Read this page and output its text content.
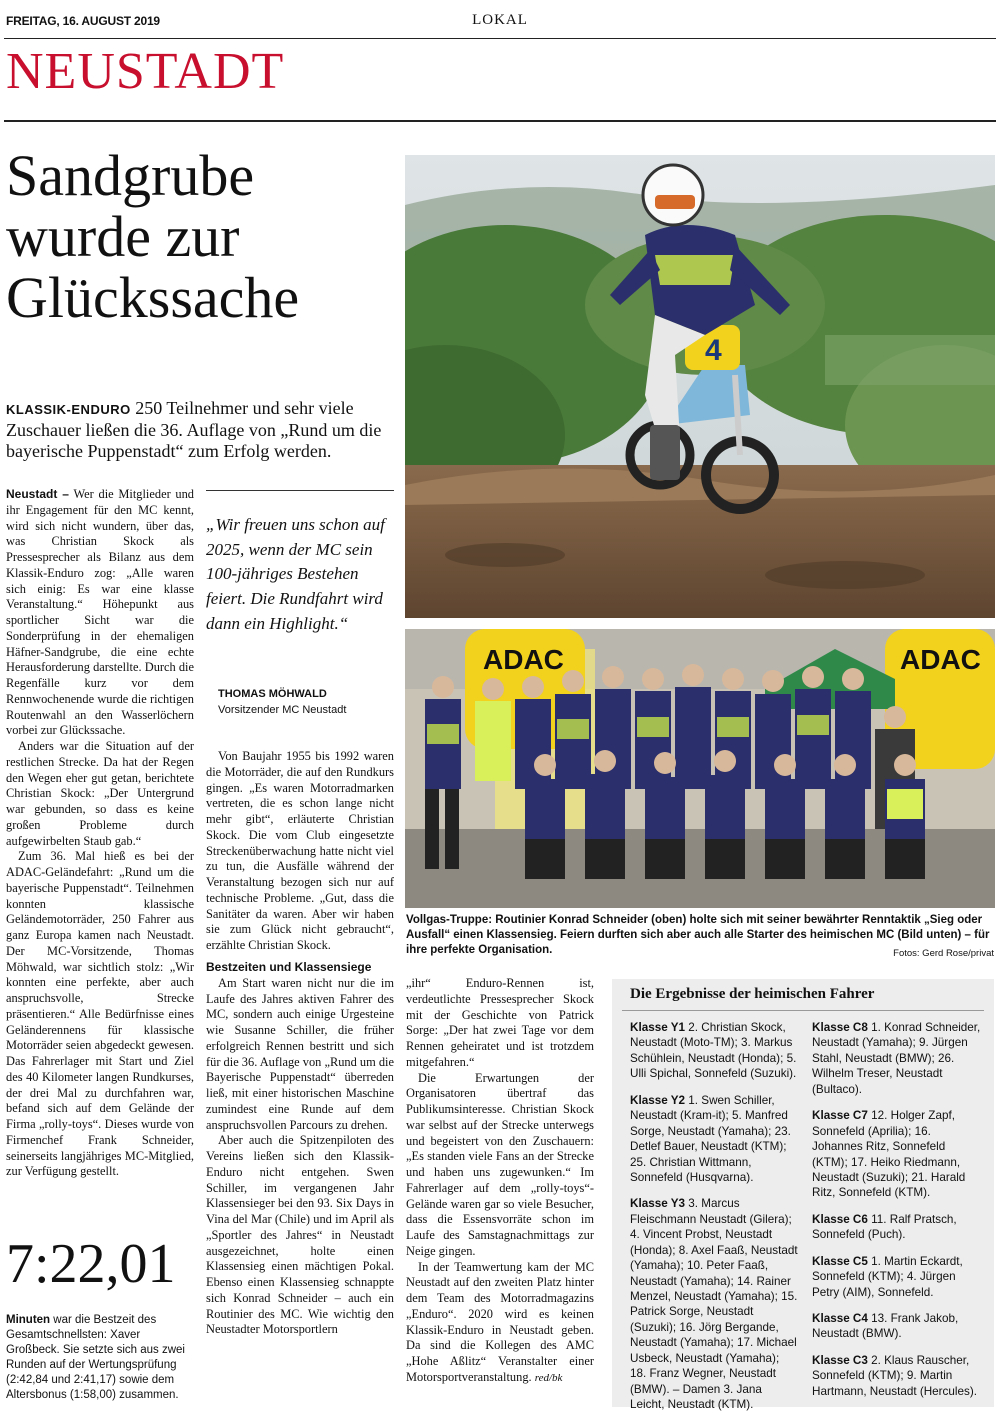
FREITAG, 16. AUGUST 2019	LOKAL
NEUSTADT
Sandgrube wurde zur Glückssache
KLASSIK-ENDURO 250 Teilnehmer und sehr viele Zuschauer ließen die 36. Auflage von „Rund um die bayerische Puppenstadt“ zum Erfolg werden.

Neustadt – Wer die Mitglieder und ihr Engagement für den MC kennt, wird sich nicht wundern, über das, was Christian Skock als Pressesprecher als Bilanz aus dem Klassik-Enduro zog: „Alle waren sich einig: Es war eine klasse Veranstaltung.“ Höhepunkt aus sportlicher Sicht war die Sonderprüfung in der ehemaligen Häfner-Sandgrube, die eine echte Herausforderung darstellte. Durch die Regenfälle kurz vor dem Rennwochenende wurde die richtigen Routenwahl an den Wasserlöchern vorbei zur Glückssache.

Anders war die Situation auf der restlichen Strecke. Da hat der Regen den Wegen eher gut getan, berichtete Christian Skock: „Der Untergrund war gebunden, so dass es keine großen Probleme durch aufgewirbelten Staub gab.“

Zum 36. Mal hieß es bei der ADAC-Geländefahrt: „Rund um die bayerische Puppenstadt“. Teilnehmen konnten klassische Geländemotorräder, 250 Fahrer aus ganz Europa kamen nach Neustadt. Der MC-Vorsitzende, Thomas Möhwald, war sichtlich stolz: „Wir konnten eine perfekte, aber auch anspruchsvolle, Strecke präsentieren.“ Alle Bedürfnisse eines Geländerennens für klassische Motorräder seien abgedeckt gewesen. Das Fahrerlager mit Start und Ziel des 40 Kilometer langen Rundkurses, der drei Mal zu durchfahren war, befand sich auf dem Gelände der Firma „rolly-toys“. Dieses wurde von Firmenchef Frank Schneider, seinerseits langjähriges MC-Mitglied, zur Verfügung gestellt.

„Wir freuen uns schon auf 2025, wenn der MC sein 100-jähriges Bestehen feiert. Die Rundfahrt wird dann ein Highlight.“
THOMAS MÖHWALD
Vorsitzender MC Neustadt

Von Baujahr 1955 bis 1992 waren die Motorräder, die auf den Rundkurs gingen. „Es waren Motorradmarken vertreten, die es schon lange nicht mehr gibt“, erläuterte Christian Skock. Die vom Club eingesetzte Streckenüberwachung hatte nicht viel zu tun, die Ausfälle während der Veranstaltung bezogen sich nur auf technische Probleme. „Gut, dass die Sanitäter da waren. Aber wir haben sie zum Glück nicht gebraucht“, erzählte Christian Skock.

Bestzeiten und Klassensiege

Am Start waren nicht nur die im Laufe des Jahres aktiven Fahrer des MC, sondern auch einige Urgesteine wie Susanne Schiller, die früher erfolgreich Rennen bestritt und sich für die 36. Auflage von „Rund um die Bayerische Puppenstadt“ überreden ließ, mit einer historischen Maschine zumindest eine Runde auf dem anspruchsvollen Parcours zu drehen.

Aber auch die Spitzenpiloten des Vereins ließen sich den Klassik-Enduro nicht entgehen. Swen Schiller, im vergangenen Jahr Klassensieger bei den 93. Six Days in Vina del Mar (Chile) und im April als „Sportler des Jahres“ in Neustadt ausgezeichnet, holte einen Klassensieg einen mächtigen Pokal. Ebenso einen Klassensieg schnappte sich Konrad Schneider – auch ein Routinier des MC. Wie wichtig den Neustadter Motorsportlern

„ihr“ Enduro-Rennen ist, verdeutlichte Pressesprecher Skock mit der Geschichte von Patrick Sorge: „Der hat zwei Tage vor dem Rennen geheiratet und ist trotzdem mitgefahren.“

Die Erwartungen der Organisatoren übertraf das Publikumsinteresse. Christian Skock war selbst auf der Strecke unterwegs und begeistert von den Zuschauern: „Es standen viele Fans an der Strecke und haben uns zugewunken.“ Im Fahrerlager auf dem „rolly-toys“-Gelände waren gar so viele Besucher, dass die Essensvorräte schon im Laufe des Samstagnachmittags zur Neige gingen.

In der Teamwertung kam der MC Neustadt auf den zweiten Platz hinter dem Team des Motorradmagazins „Enduro“. 2020 wird es keinen Klassik-Enduro in Neustadt geben. Da sind die Kollegen des AMC „Hohe Aßlitz“ Veranstalter einer Motorsportveranstaltung. red/bk

7:22,01
Minuten war die Bestzeit des Gesamtschnellsten: Xaver Großbeck. Sie setzte sich aus zwei Runden auf der Wertungsprüfung (2:42,84 und 2:41,17) sowie dem Altersbonus (1:58,00) zusammen.
4
ADAC	ADAC
Vollgas-Truppe: Routinier Konrad Schneider (oben) holte sich mit seiner bewährter Renntaktik „Sieg oder Ausfall“ einen Klassensieg. Feiern durften sich aber auch alle Starter des heimischen MC (Bild unten) – für ihre perfekte Organisation.	Fotos: Gerd Rose/privat
Die Ergebnisse der heimischen Fahrer
Klasse Y1 2. Christian Skock, Neustadt (Moto-TM); 3. Markus Schühlein, Neustadt (Honda); 5. Ulli Spichal, Sonnefeld (Suzuki).
Klasse Y2 1. Swen Schiller, Neustadt (Kram-it); 5. Manfred Sorge, Neustadt (Yamaha); 23. Detlef Bauer, Neustadt (KTM); 25. Christian Wittmann, Sonnefeld (Husqvarna).
Klasse Y3 3. Marcus Fleischmann Neustadt (Gilera); 4. Vincent Probst, Neustadt (Honda); 8. Axel Faaß, Neustadt (Yamaha); 10. Peter Faaß, Neustadt (Yamaha); 14. Rainer Menzel, Neustadt (Yamaha); 15. Patrick Sorge, Neustadt (Suzuki); 16. Jörg Bergande, Neustadt (Yamaha); 17. Michael Usbeck, Neustadt (Yamaha); 18. Franz Wegner, Neustadt (BMW). – Damen 3. Jana Leicht, Neustadt (KTM).
Klasse C8 1. Konrad Schneider, Neustadt (Yamaha); 9. Jürgen Stahl, Neustadt (BMW); 26. Wilhelm Treser, Neustadt (Bultaco).
Klasse C7 12. Holger Zapf, Sonnefeld (Aprilia); 16. Johannes Ritz, Sonnefeld (KTM); 17. Heiko Riedmann, Neustadt (Suzuki); 21. Harald Ritz, Sonnefeld (KTM).
Klasse C6 11. Ralf Pratsch, Sonnefeld (Puch).
Klasse C5 1. Martin Eckardt, Sonnefeld (KTM); 4. Jürgen Petry (AIM), Sonnefeld.
Klasse C4 13. Frank Jakob, Neustadt (BMW).
Klasse C3 2. Klaus Rauscher, Sonnefeld (KTM); 9. Martin Hartmann, Neustadt (Hercules).
